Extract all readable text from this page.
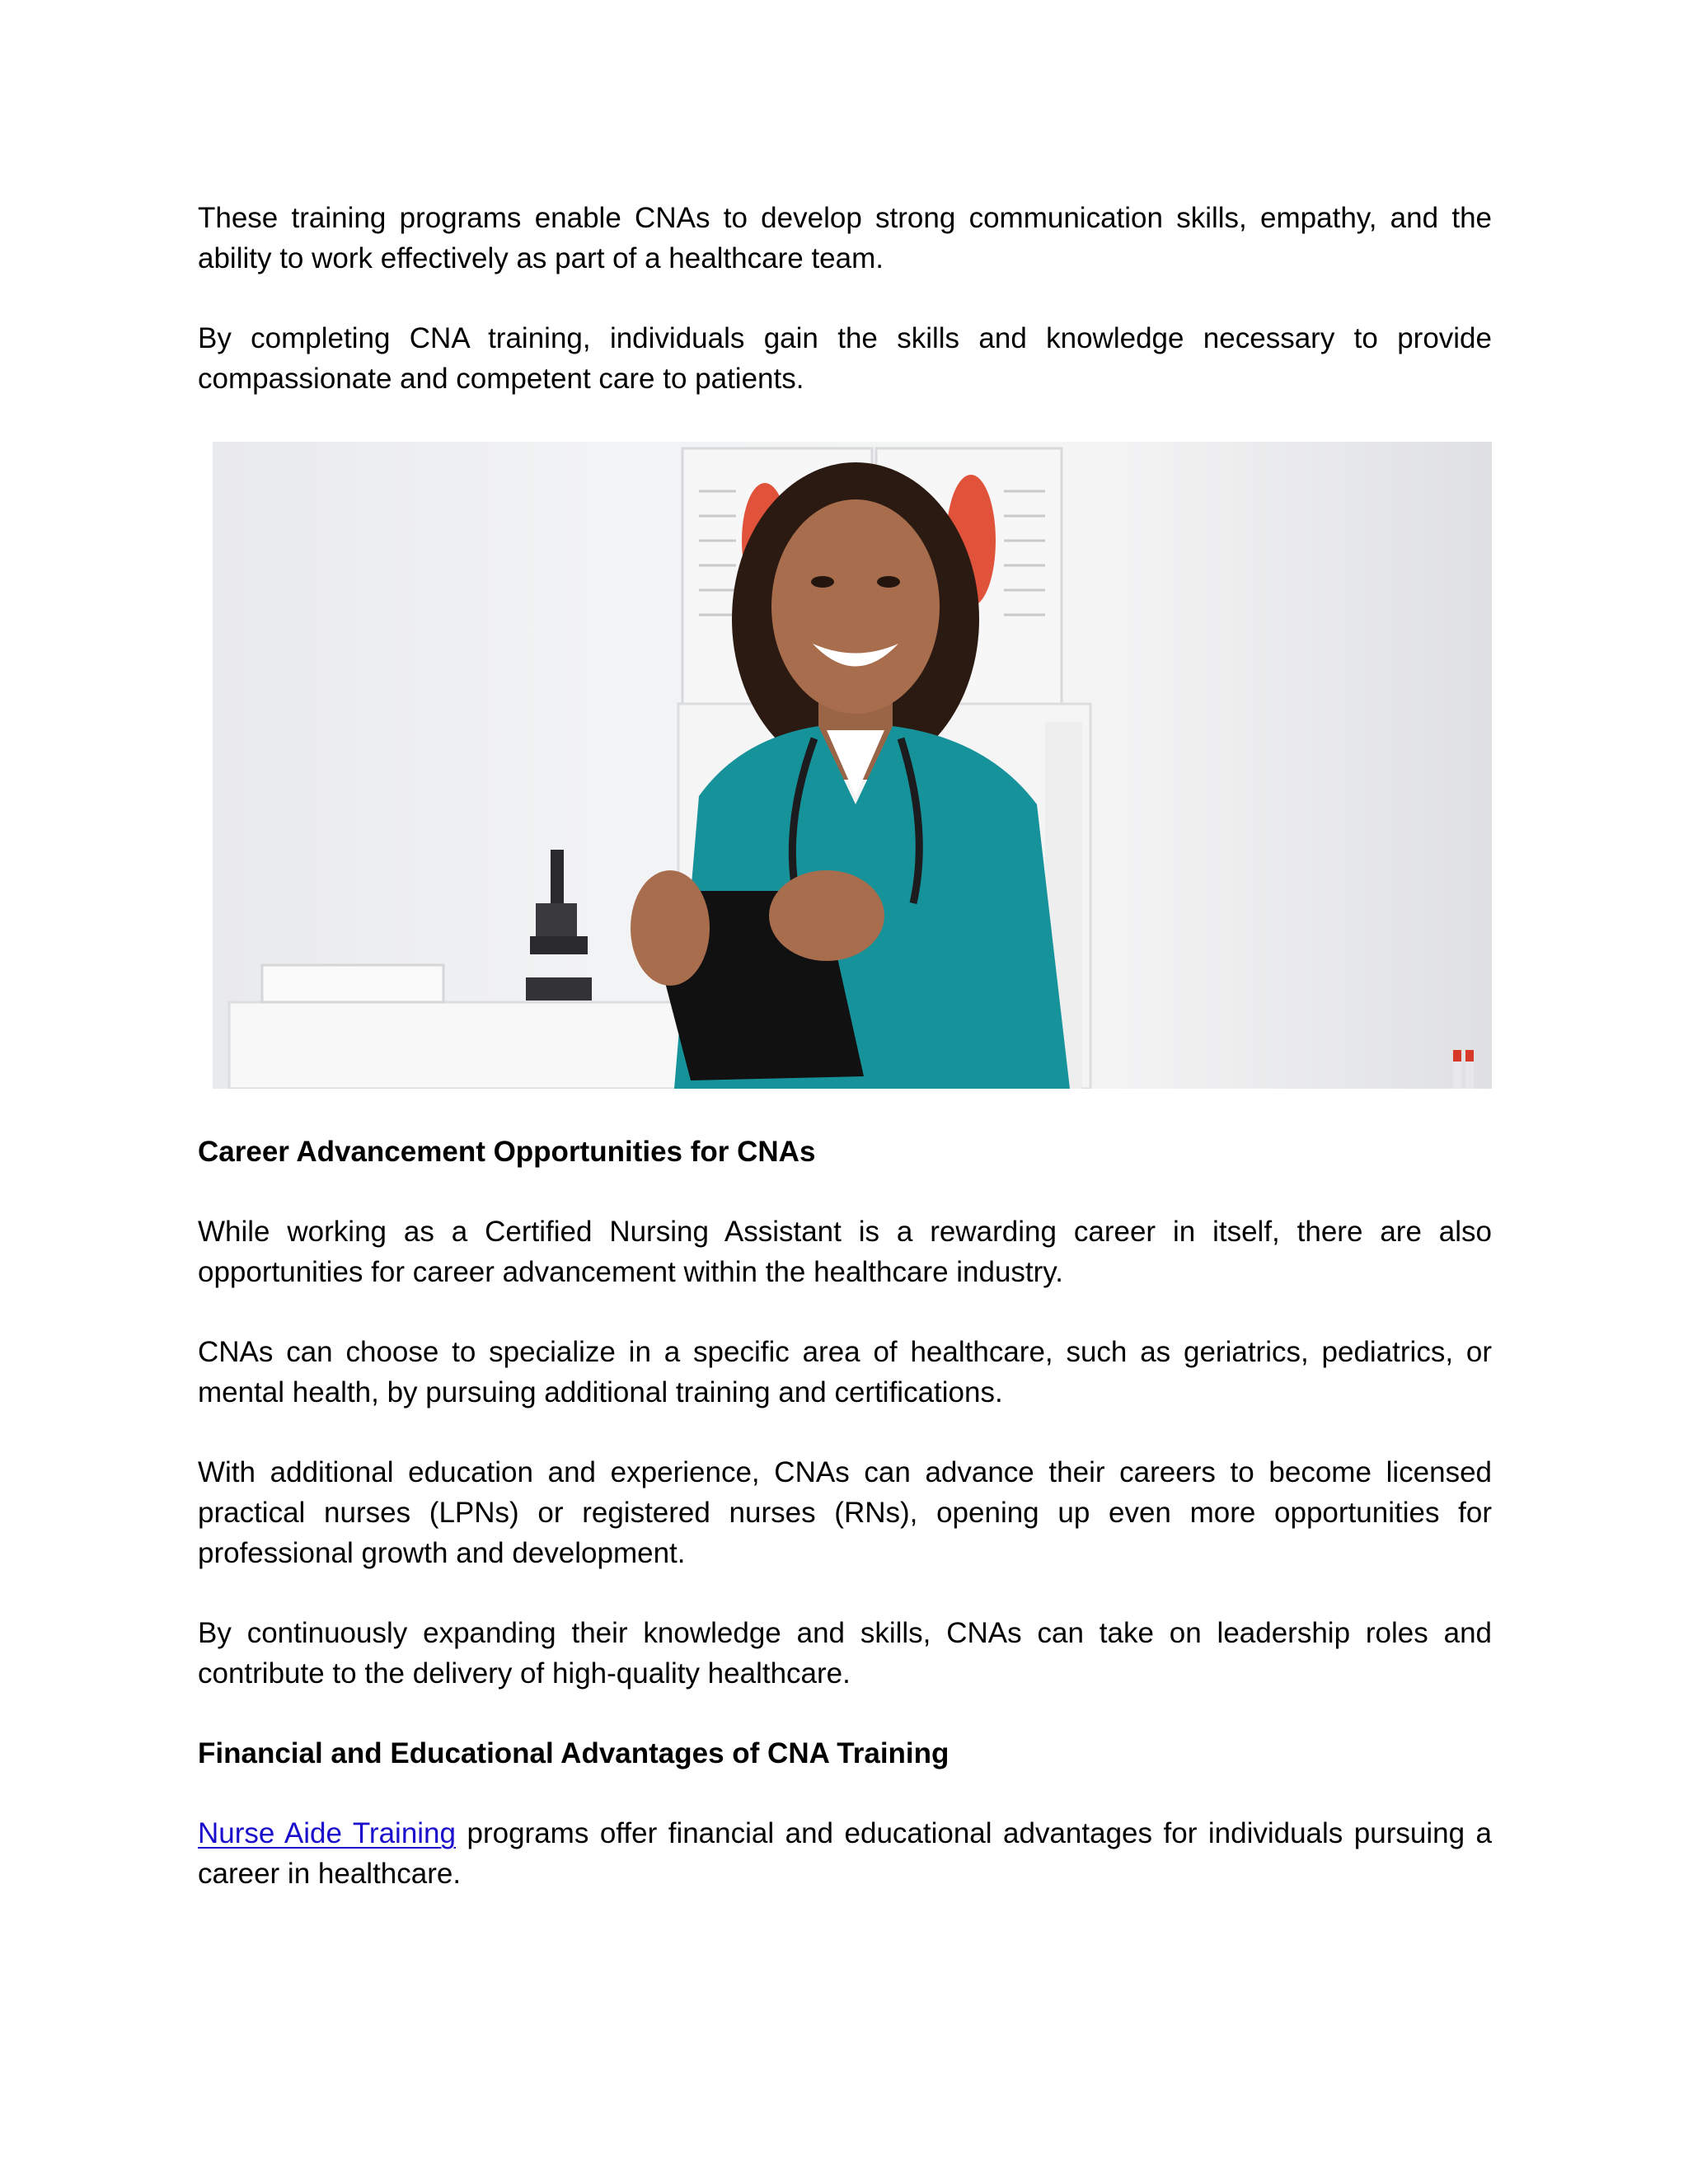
These training programs enable CNAs to develop strong communication skills, empathy, and the ability to work effectively as part of a healthcare team.

By completing CNA training, individuals gain the skills and knowledge necessary to provide compassionate and competent care to patients.

Career Advancement Opportunities for CNAs

While working as a Certified Nursing Assistant is a rewarding career in itself, there are also opportunities for career advancement within the healthcare industry.

CNAs can choose to specialize in a specific area of healthcare, such as geriatrics, pediatrics, or mental health, by pursuing additional training and certifications.

With additional education and experience, CNAs can advance their careers to become licensed practical nurses (LPNs) or registered nurses (RNs), opening up even more opportunities for professional growth and development.

By continuously expanding their knowledge and skills, CNAs can take on leadership roles and contribute to the delivery of high-quality healthcare.

Financial and Educational Advantages of CNA Training

Nurse Aide Training programs offer financial and educational advantages for individuals pursuing a career in healthcare.
